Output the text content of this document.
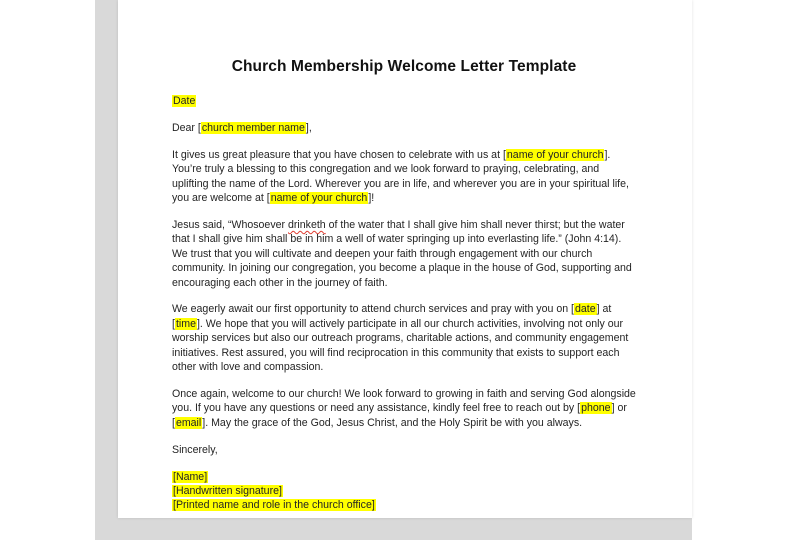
Church Membership Welcome Letter Template

Date

Dear [church member name],

It gives us great pleasure that you have chosen to celebrate with us at [name of your church]. You’re truly a blessing to this congregation and we look forward to praying, celebrating, and uplifting the name of the Lord. Wherever you are in life, and wherever you are in your spiritual life, you are welcome at [name of your church]!

Jesus said, “Whosoever drinketh of the water that I shall give him shall never thirst; but the water that I shall give him shall be in him a well of water springing up into everlasting life.” (John 4:14). We trust that you will cultivate and deepen your faith through engagement with our church community. In joining our congregation, you become a plaque in the house of God, supporting and encouraging each other in the journey of faith.

We eagerly await our first opportunity to attend church services and pray with you on [date] at [time]. We hope that you will actively participate in all our church activities, involving not only our worship services but also our outreach programs, charitable actions, and community engagement initiatives. Rest assured, you will find reciprocation in this community that exists to support each other with love and compassion.

Once again, welcome to our church! We look forward to growing in faith and serving God alongside you. If you have any questions or need any assistance, kindly feel free to reach out by [phone] or [email]. May the grace of the God, Jesus Christ, and the Holy Spirit be with you always.

Sincerely,

[Name]
[Handwritten signature]
[Printed name and role in the church office]
